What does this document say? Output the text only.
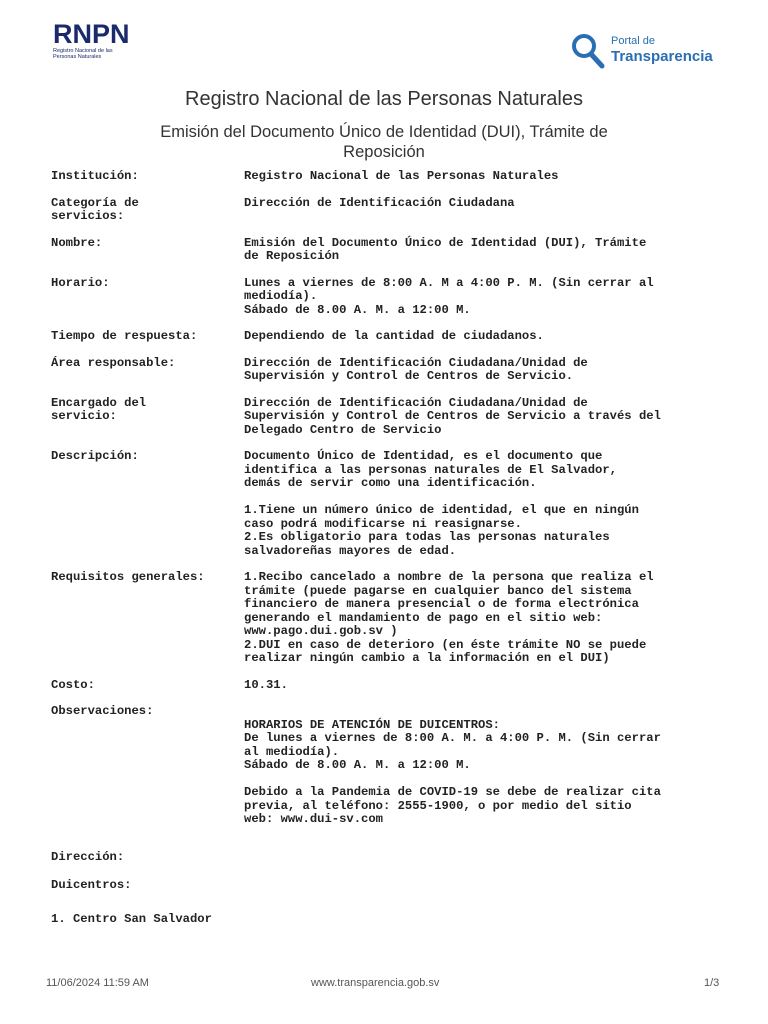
RNPN
Registro Nacional de las Personas Naturales
Portal de
Transparencia
Registro Nacional de las Personas Naturales
Emisión del Documento Único de Identidad (DUI), Trámite de Reposición
Institución:	Registro Nacional de las Personas Naturales
Categoría de
servicios:
Dirección de Identificación Ciudadana
Nombre:	Emisión del Documento Único de Identidad (DUI), Trámite
de Reposición
Horario:	Lunes a viernes de 8:00 A. M a 4:00 P. M. (Sin cerrar al
mediodía).
Sábado de 8.00 A. M. a 12:00 M.
Tiempo de respuesta:	Dependiendo de la cantidad de ciudadanos.
Área responsable:	Dirección de Identificación Ciudadana/Unidad de
Supervisión y Control de Centros de Servicio.
Encargado del
servicio:
Dirección de Identificación Ciudadana/Unidad de
Supervisión y Control de Centros de Servicio a través del
Delegado Centro de Servicio
Descripción:	Documento Único de Identidad, es el documento que
identifica a las personas naturales de El Salvador,
demás de servir como una identificación.

1.Tiene un número único de identidad, el que en ningún
caso podrá modificarse ni reasignarse.
2.Es obligatorio para todas las personas naturales
salvadoreñas mayores de edad.
Requisitos generales:	1.Recibo cancelado a nombre de la persona que realiza el
trámite (puede pagarse en cualquier banco del sistema
financiero de manera presencial o de forma electrónica
generando el mandamiento de pago en el sitio web:
www.pago.dui.gob.sv )
2.DUI en caso de deterioro (en éste trámite NO se puede
realizar ningún cambio a la información en el DUI)
Costo:	10.31.
Observaciones:

HORARIOS DE ATENCIÓN DE DUICENTROS:
De lunes a viernes de 8:00 A. M. a 4:00 P. M. (Sin cerrar
al mediodía).
Sábado de 8.00 A. M. a 12:00 M.

Debido a la Pandemia de COVID-19 se debe de realizar cita
previa, al teléfono: 2555-1900, o por medio del sitio
web: www.dui-sv.com
Dirección:
Duicentros:
1. Centro San Salvador
11/06/2024 11:59 AM	www.transparencia.gob.sv	1/3
